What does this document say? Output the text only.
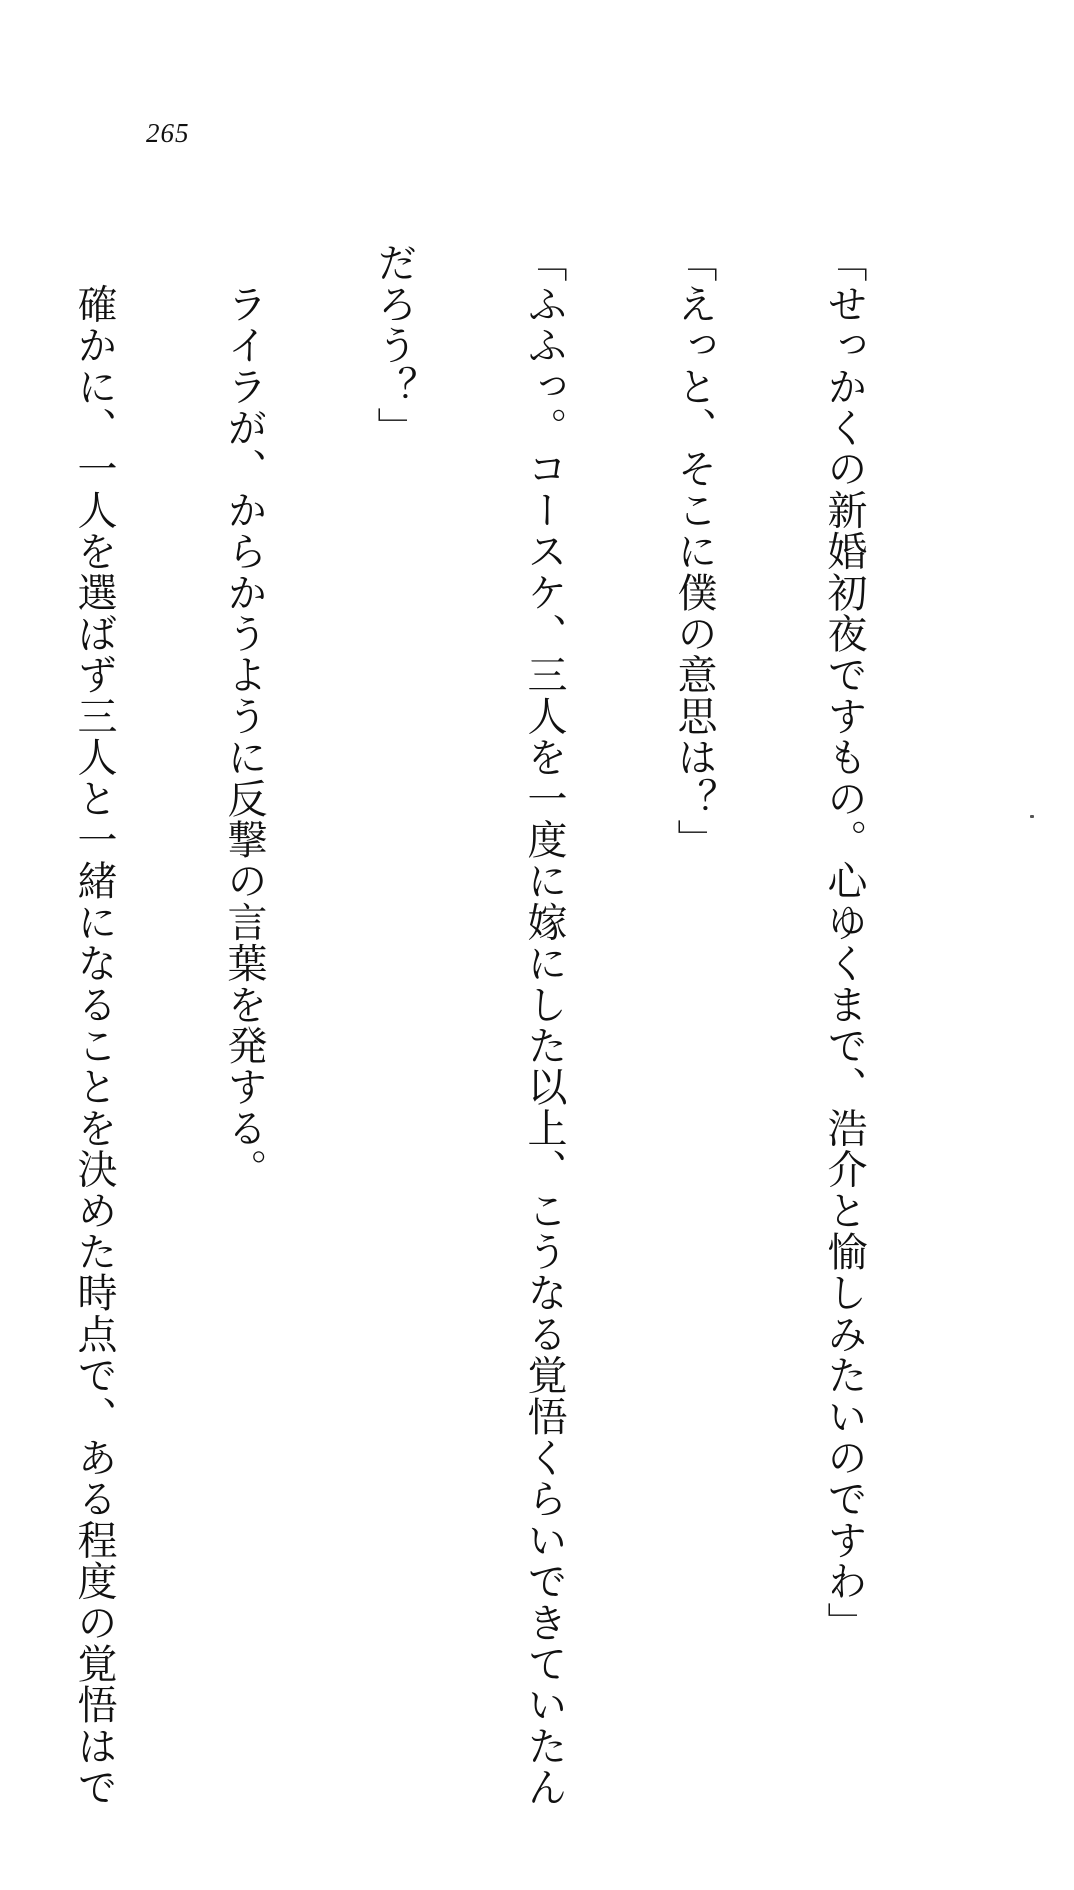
265

「せっかくの新婚初夜ですもの。心ゆくまで、浩介と愉しみたいのですわ」

「えっと、そこに僕の意思は？」

「ふふっ。コースケ、三人を一度に嫁にした以上、こうなる覚悟くらいできていたん

だろう？」

　ライラが、からかうように反撃の言葉を発する。

　確かに、一人を選ばず三人と一緒になることを決めた時点で、ある程度の覚悟はで
